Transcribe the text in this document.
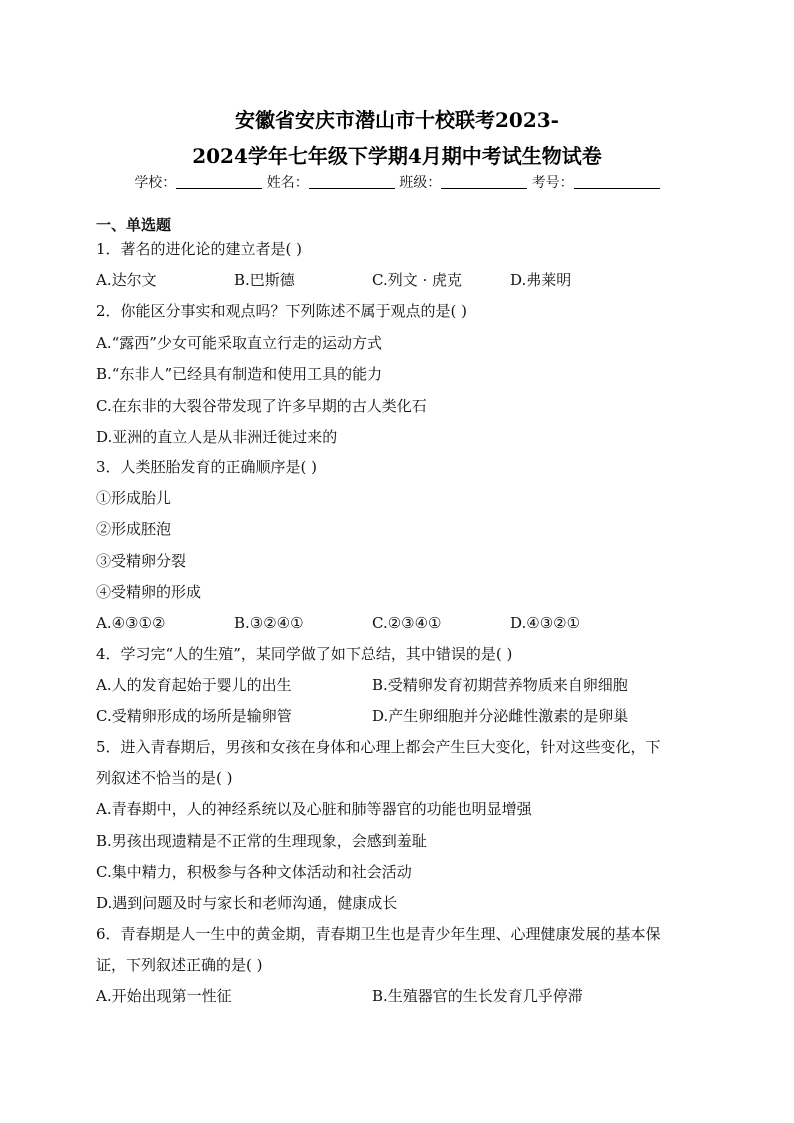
安徽省安庆市潜山市十校联考2023-
2024学年七年级下学期4月期中考试生物试卷
学校：	姓名：	班级：	考号：
一、单选题
1．著名的进化论的建立者是( )
A.达尔文	B.巴斯德	C.列文 · 虎克	D.弗莱明
2．你能区分事实和观点吗？下列陈述不属于观点的是( )
A.“露西”少女可能采取直立行走的运动方式
B.“东非人”已经具有制造和使用工具的能力
C.在东非的大裂谷带发现了许多早期的古人类化石
D.亚洲的直立人是从非洲迁徙过来的
3．人类胚胎发育的正确顺序是( )
①形成胎儿
②形成胚泡
③受精卵分裂
④受精卵的形成
A.④③①②	B.③②④①	C.②③④①	D.④③②①
4．学习完“人的生殖”，某同学做了如下总结，其中错误的是( )
A.人的发育起始于婴儿的出生	B.受精卵发育初期营养物质来自卵细胞
C.受精卵形成的场所是输卵管	D.产生卵细胞并分泌雌性激素的是卵巢
5．进入青春期后，男孩和女孩在身体和心理上都会产生巨大变化，针对这些变化，下
列叙述不恰当的是( )
A.青春期中，人的神经系统以及心脏和肺等器官的功能也明显增强
B.男孩出现遗精是不正常的生理现象，会感到羞耻
C.集中精力，积极参与各种文体活动和社会活动
D.遇到问题及时与家长和老师沟通，健康成长
6．青春期是人一生中的黄金期，青春期卫生也是青少年生理、心理健康发展的基本保
证，下列叙述正确的是( )
A.开始出现第一性征	B.生殖器官的生长发育几乎停滞
